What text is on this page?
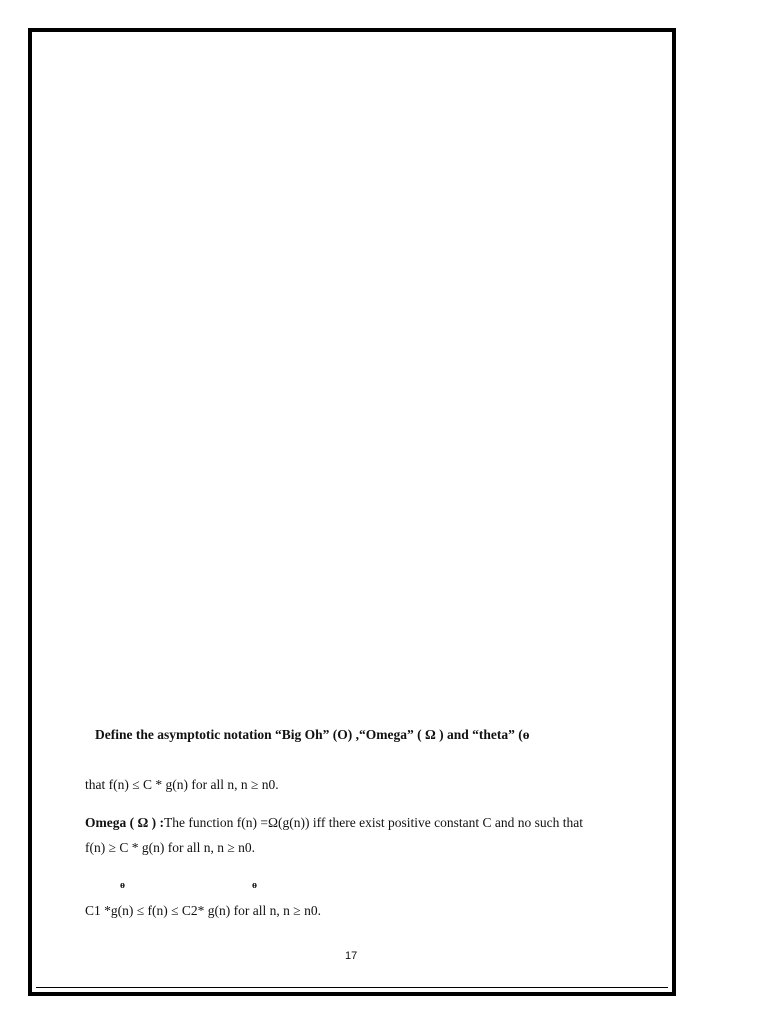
Define the asymptotic notation “Big Oh” (O) ,“Omega” ( Ω ) and “theta” (ɵ
that f(n) ≤ C * g(n) for all n, n ≥ n0.
Omega ( Ω ) :The function f(n) =Ω(g(n)) iff there exist positive constant C and no such that
f(n) ≥ C * g(n) for all n, n ≥ n0.
ɵ	ɵ
C1 *g(n) ≤ f(n) ≤ C2* g(n) for all n, n ≥ n0.
17
